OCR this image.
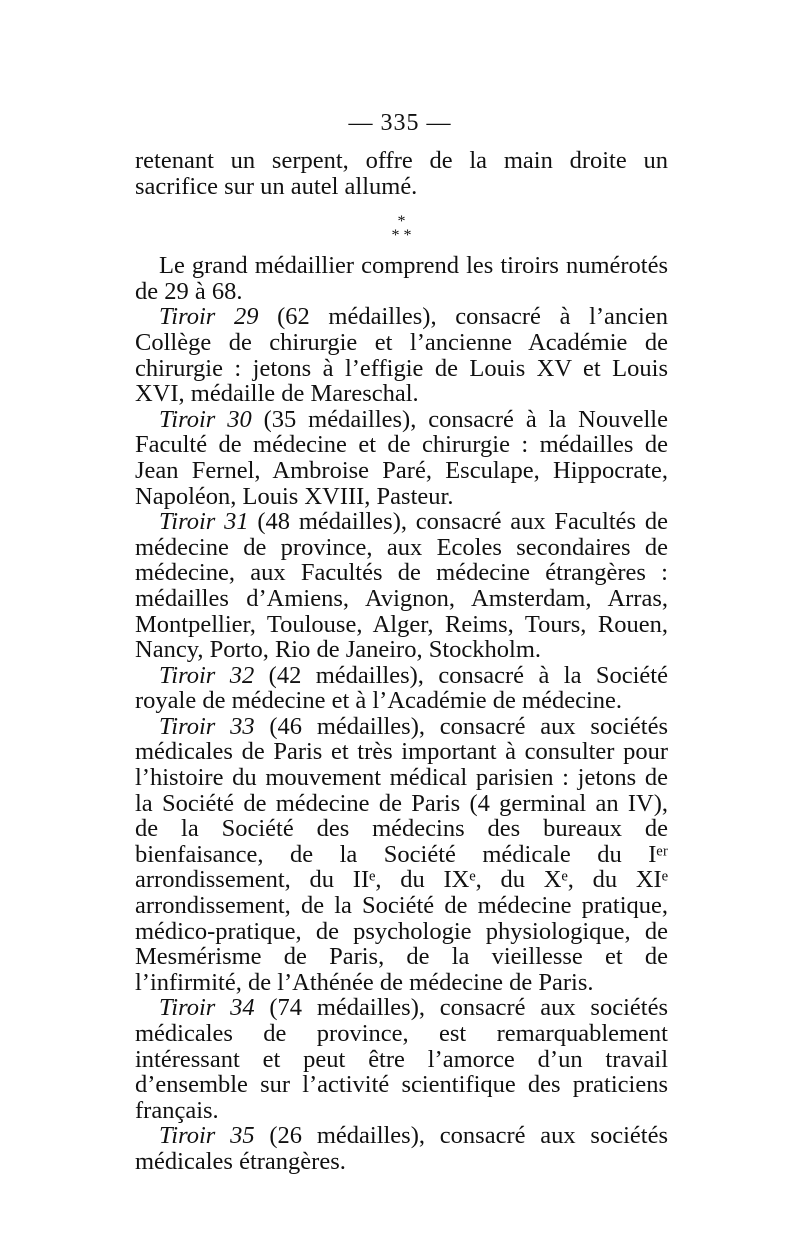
— 335 —

retenant un serpent, offre de la main droite un sacrifice sur un autel allumé.

*
* *

Le grand médaillier comprend les tiroirs numérotés de 29 à 68.

Tiroir 29 (62 médailles), consacré à l’ancien Collège de chirurgie et l’ancienne Académie de chirurgie : jetons à l’effigie de Louis XV et Louis XVI, médaille de Mareschal.

Tiroir 30 (35 médailles), consacré à la Nouvelle Faculté de médecine et de chirurgie : médailles de Jean Fernel, Ambroise Paré, Esculape, Hippocrate, Napoléon, Louis XVIII, Pasteur.

Tiroir 31 (48 médailles), consacré aux Facultés de médecine de province, aux Ecoles secondaires de médecine, aux Facultés de médecine étrangères : médailles d’Amiens, Avignon, Amsterdam, Arras, Montpellier, Toulouse, Alger, Reims, Tours, Rouen, Nancy, Porto, Rio de Janeiro, Stockholm.

Tiroir 32 (42 médailles), consacré à la Société royale de médecine et à l’Académie de médecine.

Tiroir 33 (46 médailles), consacré aux sociétés médicales de Paris et très important à consulter pour l’histoire du mouvement médical parisien : jetons de la Société de médecine de Paris (4 germinal an IV), de la Société des médecins des bureaux de bienfaisance, de la Société médicale du Iᵉʳ arrondissement, du IIᵉ, du IXᵉ, du Xᵉ, du XIᵉ arrondissement, de la Société de médecine pratique, médico-pratique, de psychologie physiologique, de Mesmérisme de Paris, de la vieillesse et de l’infirmité, de l’Athénée de médecine de Paris.

Tiroir 34 (74 médailles), consacré aux sociétés médicales de province, est remarquablement intéressant et peut être l’amorce d’un travail d’ensemble sur l’activité scientifique des praticiens français.

Tiroir 35 (26 médailles), consacré aux sociétés médicales étrangères.
